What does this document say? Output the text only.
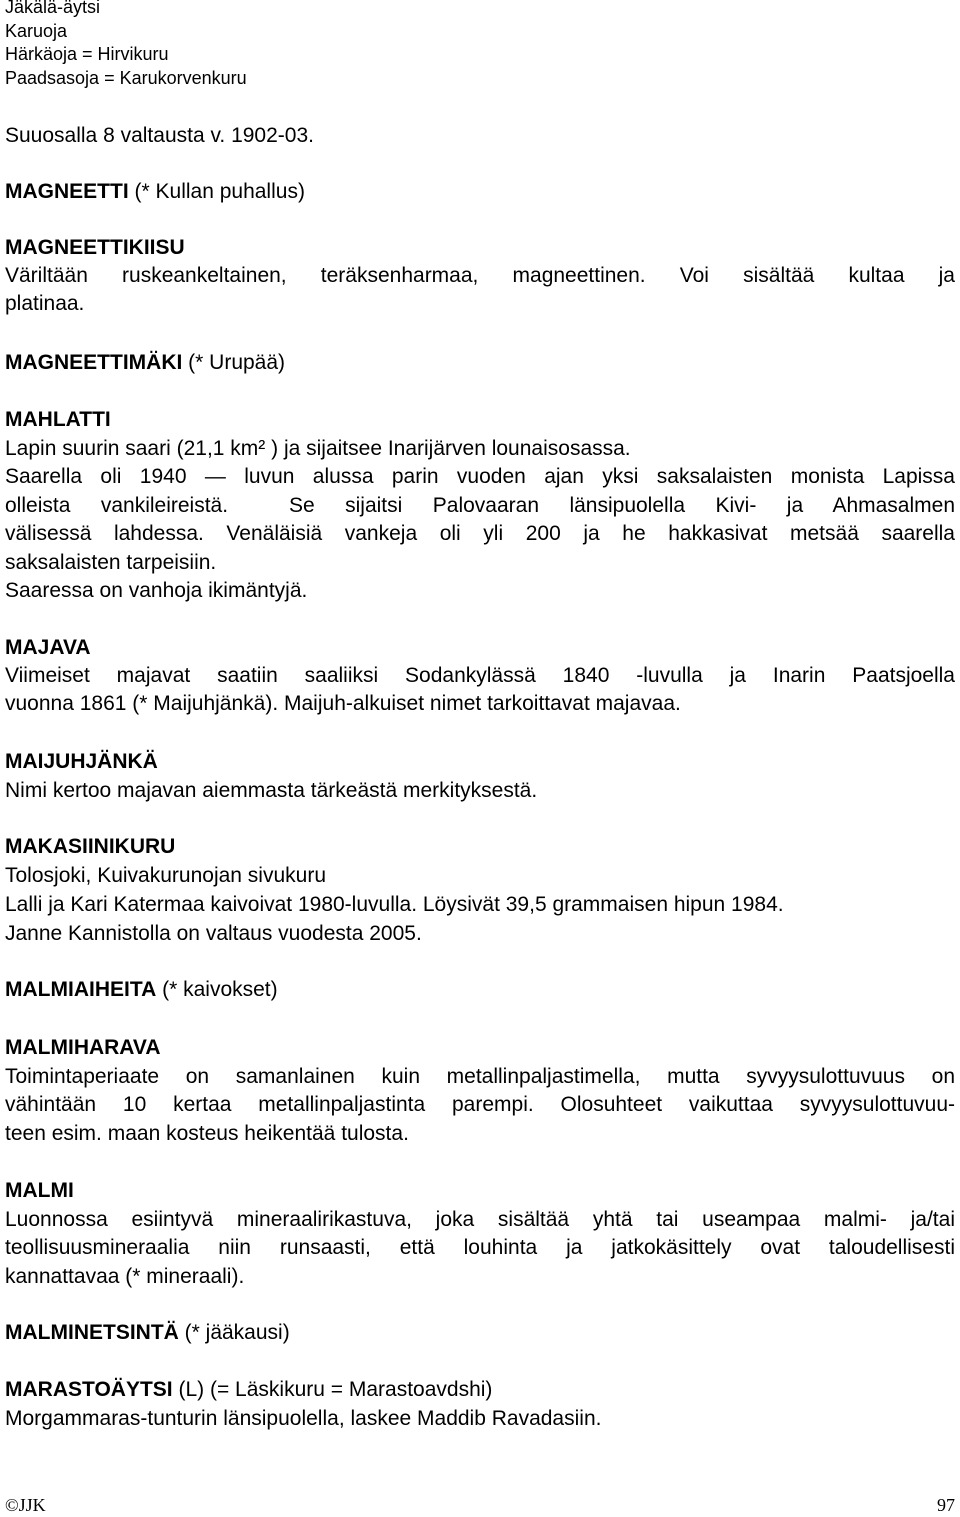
Jäkälä-äytsi
Karuoja
Härkäoja = Hirvikuru
Paadsasoja = Karukorvenkuru
Suuosalla 8 valtausta v. 1902-03.
MAGNEETTI (* Kullan puhallus)
MAGNEETTIKIISU
Väriltään ruskeankeltainen, teräksenharmaa, magneettinen. Voi sisältää kultaa ja
platinaa.
MAGNEETTIMÄKI (* Urupää)
MAHLATTI
Lapin suurin saari (21,1 km² ) ja sijaitsee Inarijärven lounaisosassa.
Saarella oli 1940 — luvun alussa parin vuoden ajan yksi saksalaisten monista Lapissa
olleista vankileireistä.  Se sijaitsi Palovaaran länsipuolella Kivi- ja Ahmasalmen
välisessä lahdessa. Venäläisiä vankeja oli yli 200 ja he hakkasivat metsää saarella
saksalaisten tarpeisiin.
Saaressa on vanhoja ikimäntyjä.
MAJAVA
Viimeiset majavat saatiin saaliiksi Sodankylässä 1840 -luvulla ja Inarin Paatsjoella
vuonna 1861 (* Maijuhjänkä). Maijuh-alkuiset nimet tarkoittavat majavaa.
MAIJUHJÄNKÄ
Nimi kertoo majavan aiemmasta tärkeästä merkityksestä.
MAKASIINIKURU
Tolosjoki, Kuivakurunojan sivukuru
Lalli ja Kari Katermaa kaivoivat 1980-luvulla. Löysivät 39,5 grammaisen hipun 1984.
Janne Kannistolla on valtaus vuodesta 2005.
MALMIAIHEITA (* kaivokset)
MALMIHARAVA
Toimintaperiaate on samanlainen kuin metallinpaljastimella, mutta syvyysulottuvuus on
vähintään 10 kertaa metallinpaljastinta parempi. Olosuhteet vaikuttaa syvyysulottuvuu-
teen esim. maan kosteus heikentää tulosta.
MALMI
Luonnossa esiintyvä mineraalirikastuva, joka sisältää yhtä tai useampaa malmi- ja/tai
teollisuusmineraalia niin runsaasti, että louhinta ja jatkokäsittely ovat taloudellisesti
kannattavaa (* mineraali).
MALMINETSINTÄ (* jääkausi)
MARASTOÄYTSI (L) (= Läskikuru = Marastoavdshi)
Morgammaras-tunturin länsipuolella, laskee Maddib Ravadasiin.
©JJK	97
